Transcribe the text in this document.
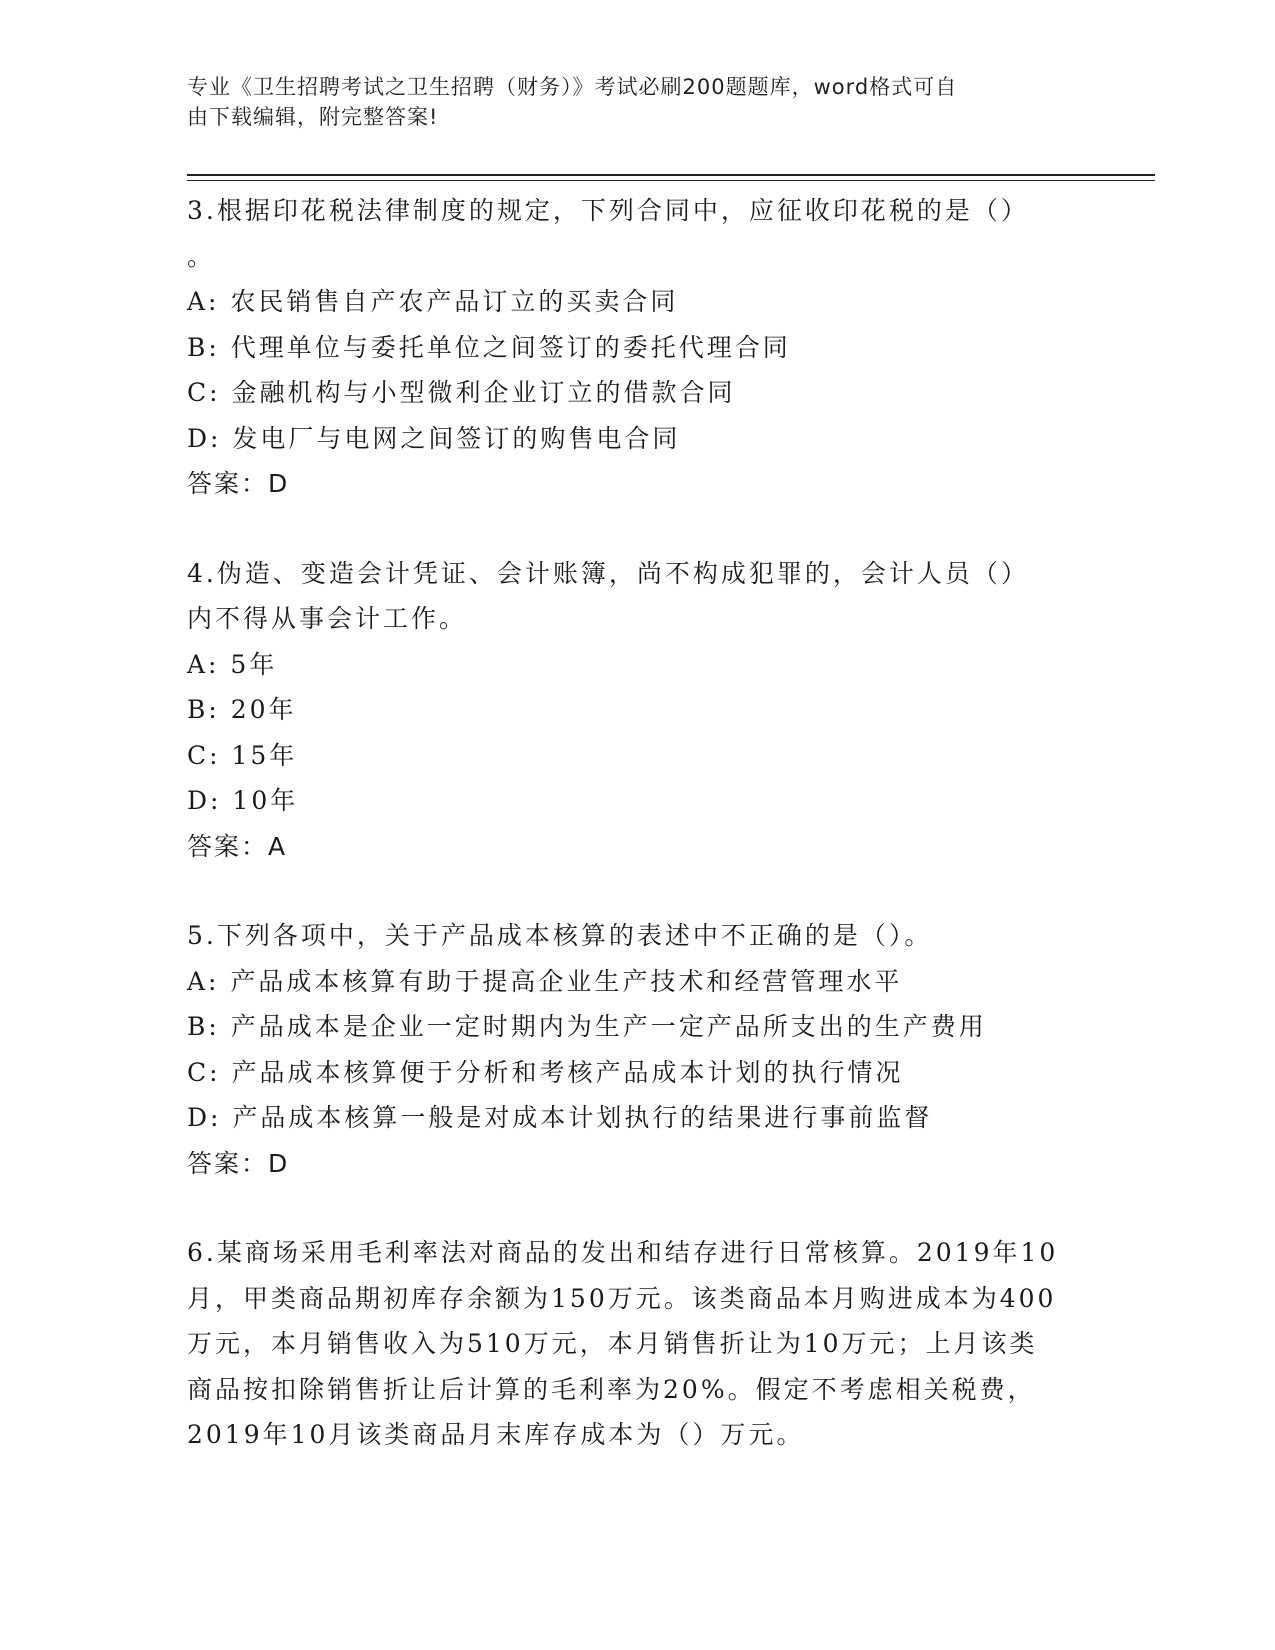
专业《卫生招聘考试之卫生招聘（财务）》考试必刷200题题库，word格式可自
由下载编辑，附完整答案!
3.根据印花税法律制度的规定，下列合同中，应征收印花税的是（）
。
A: 农民销售自产农产品订立的买卖合同
B: 代理单位与委托单位之间签订的委托代理合同
C: 金融机构与小型微利企业订立的借款合同
D: 发电厂与电网之间签订的购售电合同
答案：D
4.伪造、变造会计凭证、会计账簿，尚不构成犯罪的，会计人员（）
内不得从事会计工作。
A: 5年
B: 20年
C: 15年
D: 10年
答案：A
5.下列各项中，关于产品成本核算的表述中不正确的是（）。
A: 产品成本核算有助于提高企业生产技术和经营管理水平
B: 产品成本是企业一定时期内为生产一定产品所支出的生产费用
C: 产品成本核算便于分析和考核产品成本计划的执行情况
D: 产品成本核算一般是对成本计划执行的结果进行事前监督
答案：D
6.某商场采用毛利率法对商品的发出和结存进行日常核算。2019年10
月，甲类商品期初库存余额为150万元。该类商品本月购进成本为400
万元，本月销售收入为510万元，本月销售折让为10万元；上月该类
商品按扣除销售折让后计算的毛利率为20%。假定不考虑相关税费，
2019年10月该类商品月末库存成本为（）万元。
